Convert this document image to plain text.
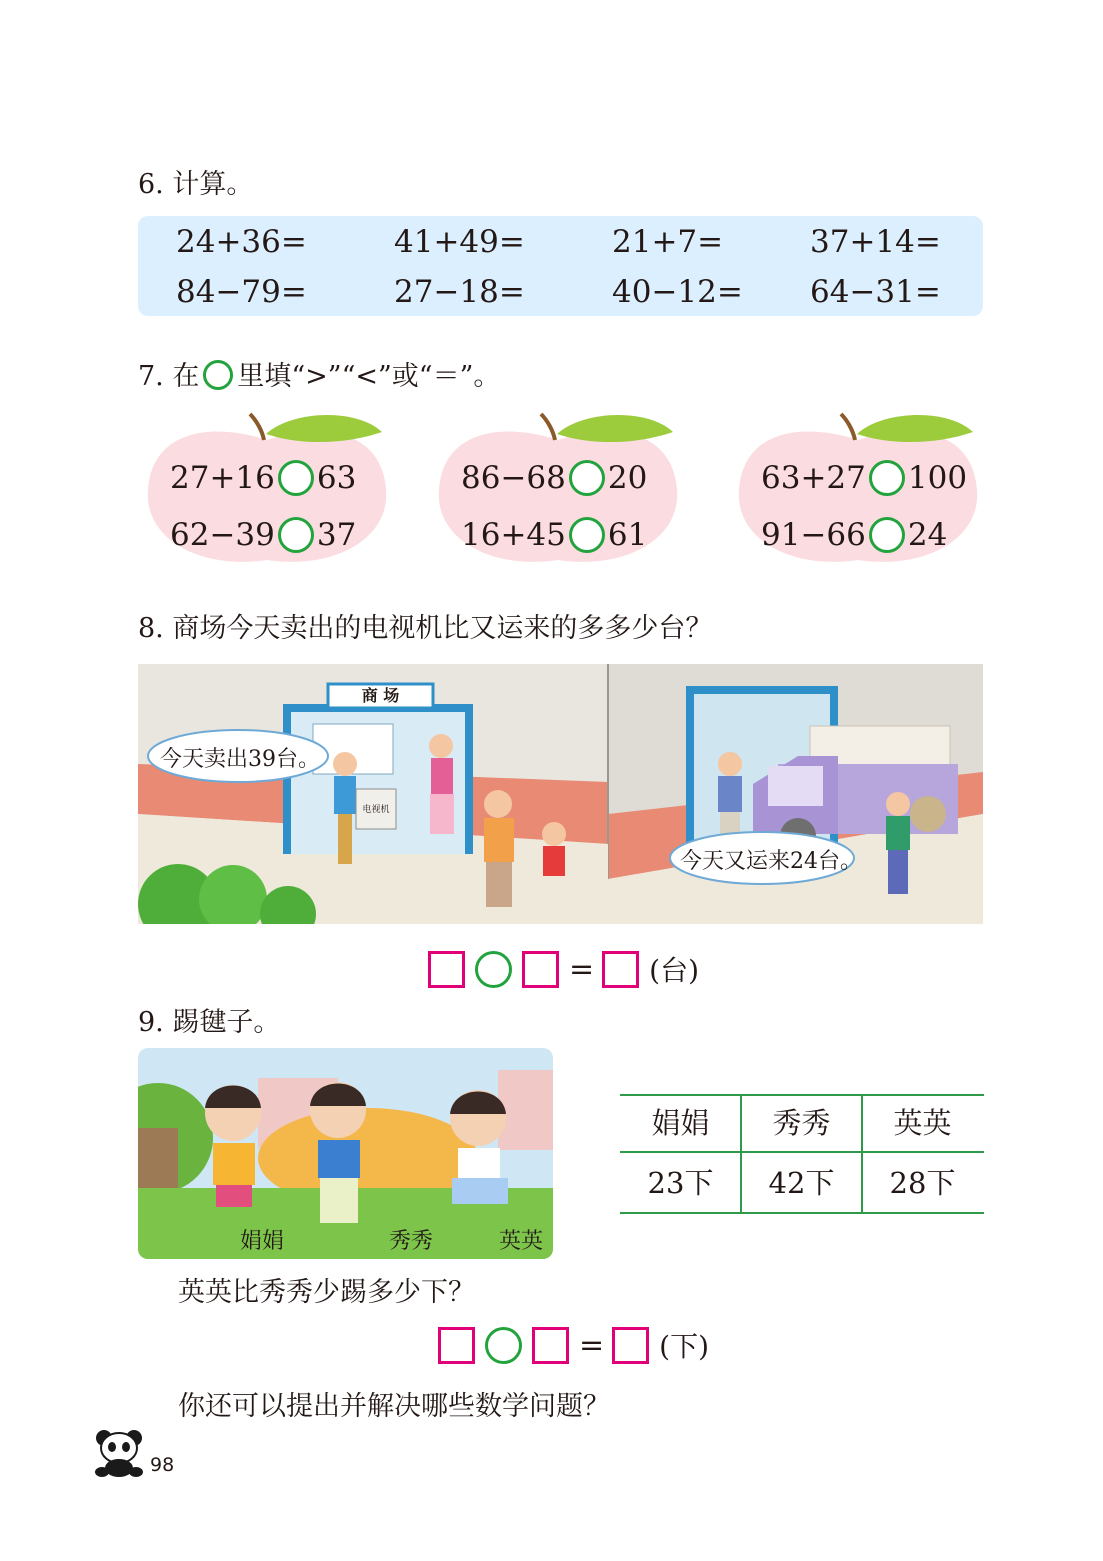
6. 计算。
24+36=	41+49=	21+7=	37+14=
84−79=	27−18=	40−12= 64−31=
7. 在 里填“>”“<”或“＝”。
27+16 63
62−39 37
86−68 20
16+45 61
63+27 100
91−66 24
8. 商场今天卖出的电视机比又运来的多多少台？
商 场
电视机
今天卖出39台。
今天又运来24台。
= (台)
9. 踢毽子。
娟娟	秀秀	英英
娟娟	秀秀	英英
23下	42下	28下
英英比秀秀少踢多少下？
= (下)
你还可以提出并解决哪些数学问题？
98
